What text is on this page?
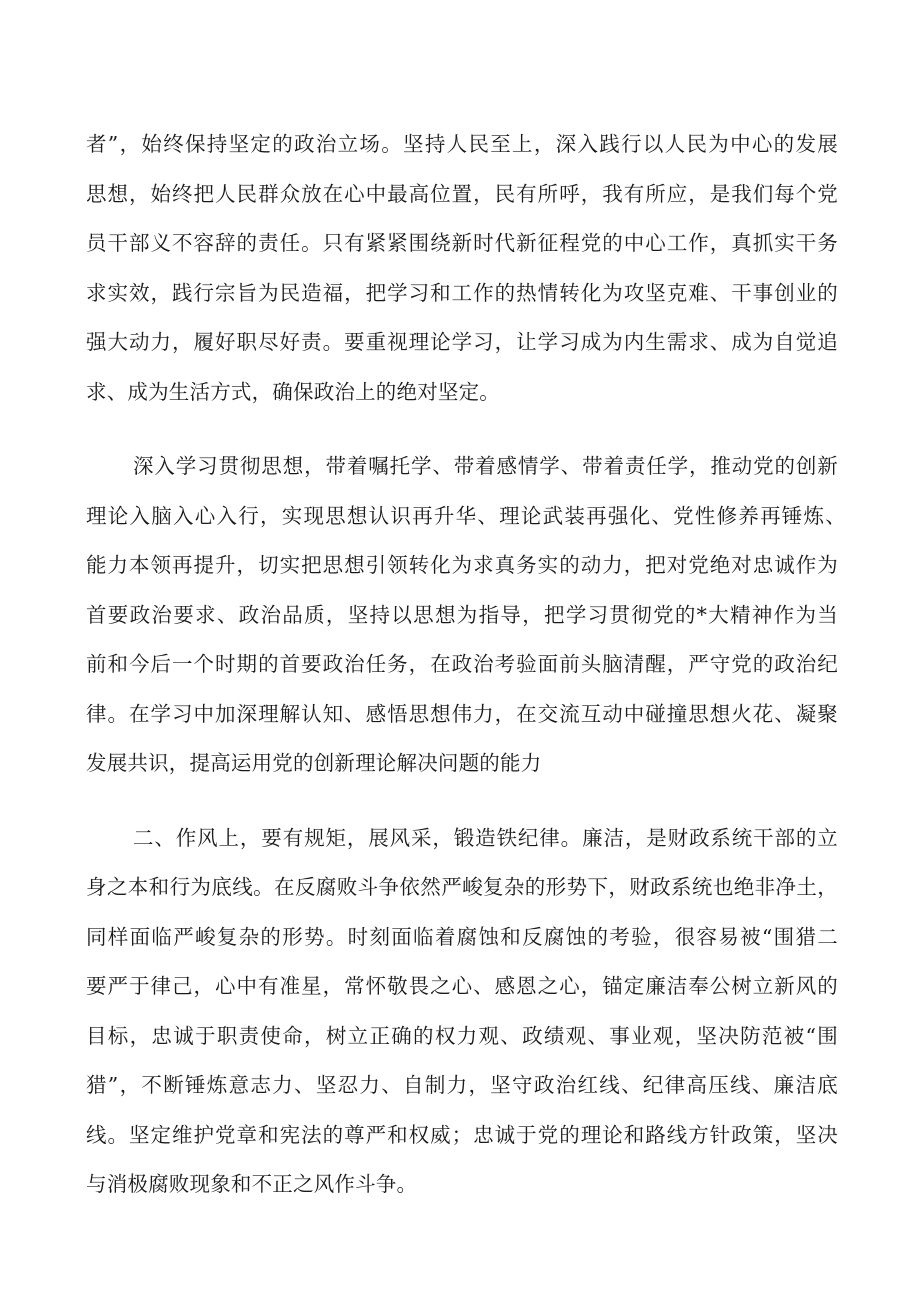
者”，始终保持坚定的政治立场。坚持人民至上，深入践行以人民为中心的发展
思想，始终把人民群众放在心中最高位置，民有所呼，我有所应，是我们每个党
员干部义不容辞的责任。只有紧紧围绕新时代新征程党的中心工作，真抓实干务
求实效，践行宗旨为民造福，把学习和工作的热情转化为攻坚克难、干事创业的
强大动力，履好职尽好责。要重视理论学习，让学习成为内生需求、成为自觉追
求、成为生活方式，确保政治上的绝对坚定。
深入学习贯彻思想，带着嘱托学、带着感情学、带着责任学，推动党的创新
理论入脑入心入行，实现思想认识再升华、理论武装再强化、党性修养再锤炼、
能力本领再提升，切实把思想引领转化为求真务实的动力，把对党绝对忠诚作为
首要政治要求、政治品质，坚持以思想为指导，把学习贯彻党的*大精神作为当
前和今后一个时期的首要政治任务，在政治考验面前头脑清醒，严守党的政治纪
律。在学习中加深理解认知、感悟思想伟力，在交流互动中碰撞思想火花、凝聚
发展共识，提高运用党的创新理论解决问题的能力
二、作风上，要有规矩，展风采，锻造铁纪律。廉洁，是财政系统干部的立
身之本和行为底线。在反腐败斗争依然严峻复杂的形势下，财政系统也绝非净土，
同样面临严峻复杂的形势。时刻面临着腐蚀和反腐蚀的考验，很容易被“围猎二
要严于律己，心中有准星，常怀敬畏之心、感恩之心，锚定廉洁奉公树立新风的
目标，忠诚于职责使命，树立正确的权力观、政绩观、事业观，坚决防范被“围
猎”，不断锤炼意志力、坚忍力、自制力，坚守政治红线、纪律高压线、廉洁底
线。坚定维护党章和宪法的尊严和权威；忠诚于党的理论和路线方针政策，坚决
与消极腐败现象和不正之风作斗争。
